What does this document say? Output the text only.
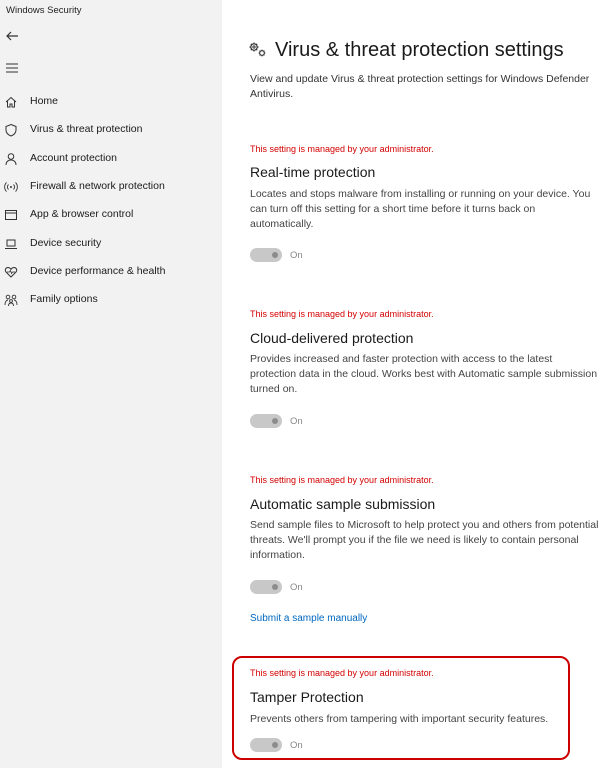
Windows Security
Home
Virus & threat protection
Account protection
Firewall & network protection
App & browser control
Device security
Device performance & health
Family options
Virus & threat protection settings
View and update Virus & threat protection settings for Windows Defender Antivirus.
This setting is managed by your administrator.
Real-time protection
Locates and stops malware from installing or running on your device. You can turn off this setting for a short time before it turns back on automatically.
On
This setting is managed by your administrator.
Cloud-delivered protection
Provides increased and faster protection with access to the latest protection data in the cloud. Works best with Automatic sample submission turned on.
On
This setting is managed by your administrator.
Automatic sample submission
Send sample files to Microsoft to help protect you and others from potential threats. We'll prompt you if the file we need is likely to contain personal information.
On
Submit a sample manually
This setting is managed by your administrator.
Tamper Protection
Prevents others from tampering with important security features.
On
